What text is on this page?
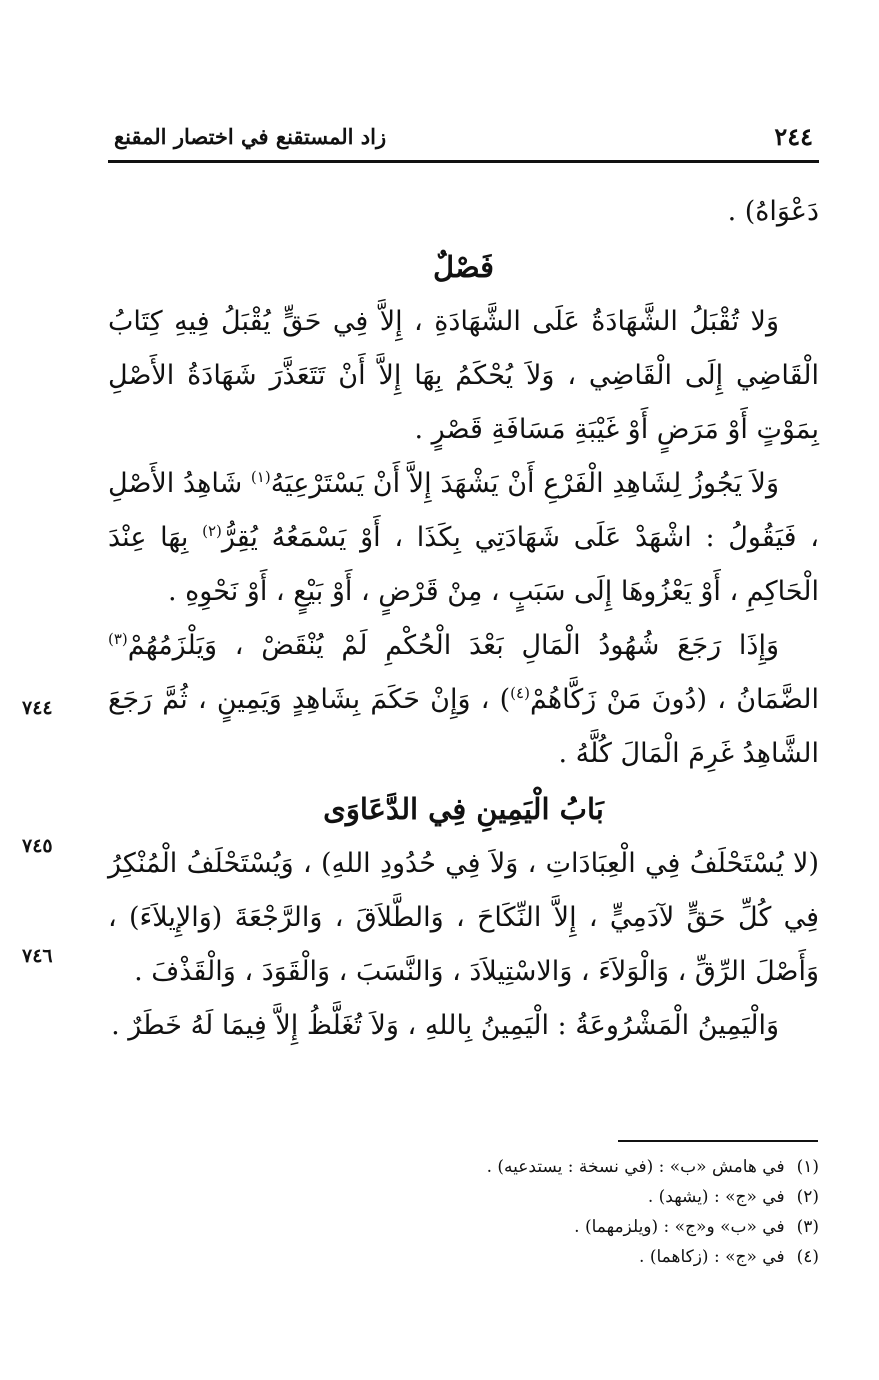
٢٤٤
زاد المستقنع في اختصار المقنع

دَعْوَاهُ) .

فَصْلٌ

وَلا تُقْبَلُ الشَّهَادَةُ عَلَى الشَّهَادَةِ ، إِلاَّ فِي حَقٍّ يُقْبَلُ فِيهِ كِتَابُ الْقَاضِي إِلَى الْقَاضِي ، وَلاَ يُحْكَمُ بِهَا إِلاَّ أَنْ تَتَعَذَّرَ شَهَادَةُ الأَصْلِ بِمَوْتٍ أَوْ مَرَضٍ أَوْ غَيْبَةِ مَسَافَةِ قَصْرٍ .

وَلاَ يَجُوزُ لِشَاهِدِ الْفَرْعِ أَنْ يَشْهَدَ إِلاَّ أَنْ يَسْتَرْعِيَهُ$^{(١)}$ شَاهِدُ الأَصْلِ ، فَيَقُولُ : اشْهَدْ عَلَى شَهَادَتِي بِكَذَا ، أَوْ يَسْمَعُهُ يُقِرُّ$^{(٢)}$ بِهَا عِنْدَ الْحَاكِمِ ، أَوْ يَعْزُوهَا إِلَى سَبَبٍ ، مِنْ قَرْضٍ ، أَوْ بَيْعٍ ، أَوْ نَحْوِهِ .

وَإِذَا رَجَعَ شُهُودُ الْمَالِ بَعْدَ الْحُكْمِ لَمْ يُنْقَضْ ، وَيَلْزَمُهُمْ$^{(٣)}$ الضَّمَانُ ، (دُونَ مَنْ زَكَّاهُمْ$^{(٤)}$) ، وَإِنْ حَكَمَ بِشَاهِدٍ وَيَمِينٍ ، ثُمَّ رَجَعَ الشَّاهِدُ غَرِمَ الْمَالَ كُلَّهُ .

بَابُ الْيَمِينِ فِي الدَّعَاوَى

(لا يُسْتَحْلَفُ فِي الْعِبَادَاتِ ، وَلاَ فِي حُدُودِ اللهِ) ، وَيُسْتَحْلَفُ الْمُنْكِرُ فِي كُلِّ حَقٍّ لآدَمِيٍّ ، إِلاَّ النِّكَاحَ ، وَالطَّلاَقَ ، وَالرَّجْعَةَ (وَالإِيلاَءَ) ، وَأَصْلَ الرِّقِّ ، وَالْوَلاَءَ ، وَالاسْتِيلاَدَ ، وَالنَّسَبَ ، وَالْقَوَدَ ، وَالْقَذْفَ .

وَالْيَمِينُ الْمَشْرُوعَةُ : الْيَمِينُ بِاللهِ ، وَلاَ تُغَلَّظُ إِلاَّ فِيمَا لَهُ خَطَرٌ .

٧٤٤
٧٤٥
٧٤٦

(١)في هامش «ب» : (في نسخة : يستدعيه) .

(٢)في «ج» : (يشهد) .

(٣)في «ب» و«ج» : (ويلزمهما) .

(٤)في «ج» : (زكاهما) .
